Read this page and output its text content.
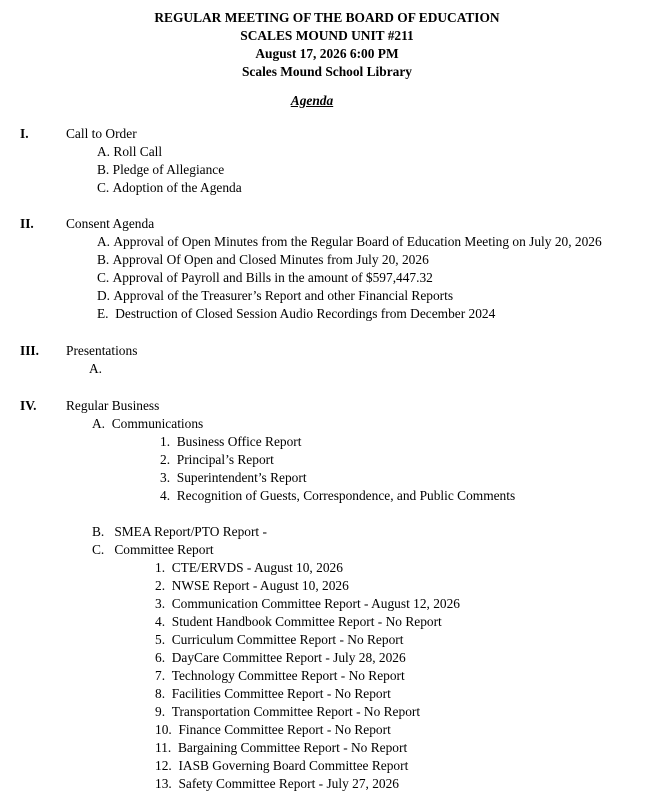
REGULAR MEETING OF THE BOARD OF EDUCATION
SCALES MOUND UNIT #211
August 17, 2026 6:00 PM
Scales Mound School Library
Agenda
I.	Call to Order
A. Roll Call
B. Pledge of Allegiance
C. Adoption of the Agenda
II. Consent Agenda
A. Approval of Open Minutes from the Regular Board of Education Meeting on July 20, 2026
B. Approval Of Open and Closed Minutes from July 20, 2026
C. Approval of Payroll and Bills in the amount of $597,447.32
D. Approval of the Treasurer’s Report and other Financial Reports
E. Destruction of Closed Session Audio Recordings from December 2024
III. Presentations
A.
IV. Regular Business
A. Communications
1. Business Office Report
2. Principal’s Report
3. Superintendent’s Report
4. Recognition of Guests, Correspondence, and Public Comments
B. SMEA Report/PTO Report -
C. Committee Report
1. CTE/ERVDS - August 10, 2026
2. NWSE Report - August 10, 2026
3. Communication Committee Report - August 12, 2026
4. Student Handbook Committee Report - No Report
5. Curriculum Committee Report - No Report
6. DayCare Committee Report - July 28, 2026
7. Technology Committee Report - No Report
8. Facilities Committee Report - No Report
9. Transportation Committee Report - No Report
10. Finance Committee Report - No Report
11. Bargaining Committee Report - No Report
12. IASB Governing Board Committee Report
13. Safety Committee Report - July 27, 2026
